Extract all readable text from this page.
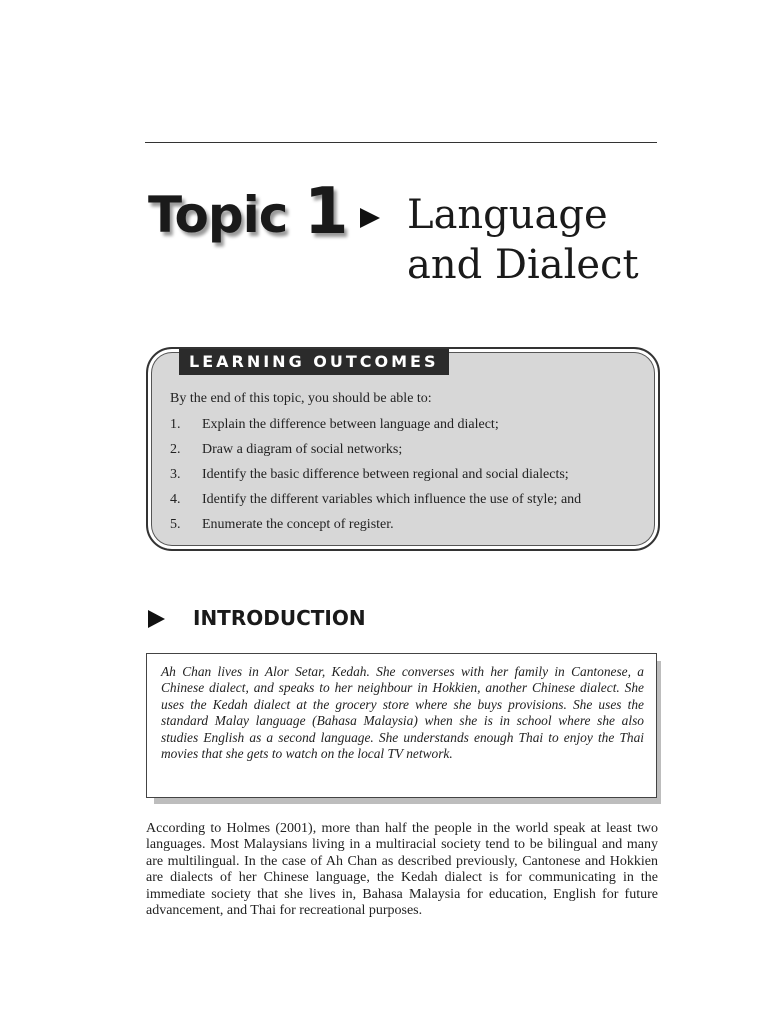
Topic 1 Language
and Dialect
LEARNING OUTCOMES
By the end of this topic, you should be able to:
1. Explain the difference between language and dialect;
2. Draw a diagram of social networks;
3. Identify the basic difference between regional and social dialects;
4. Identify the different variables which influence the use of style; and
5. Enumerate the concept of register.
INTRODUCTION
Ah Chan lives in Alor Setar, Kedah. She converses with her family in Cantonese, a Chinese dialect, and speaks to her neighbour in Hokkien, another Chinese dialect. She uses the Kedah dialect at the grocery store where she buys provisions. She uses the standard Malay language (Bahasa Malaysia) when she is in school where she also studies English as a second language. She understands enough Thai to enjoy the Thai movies that she gets to watch on the local TV network.

According to Holmes (2001), more than half the people in the world speak at least two languages. Most Malaysians living in a multiracial society tend to be bilingual and many are multilingual. In the case of Ah Chan as described previously, Cantonese and Hokkien are dialects of her Chinese language, the Kedah dialect is for communicating in the immediate society that she lives in, Bahasa Malaysia for education, English for future advancement, and Thai for recreational purposes.
